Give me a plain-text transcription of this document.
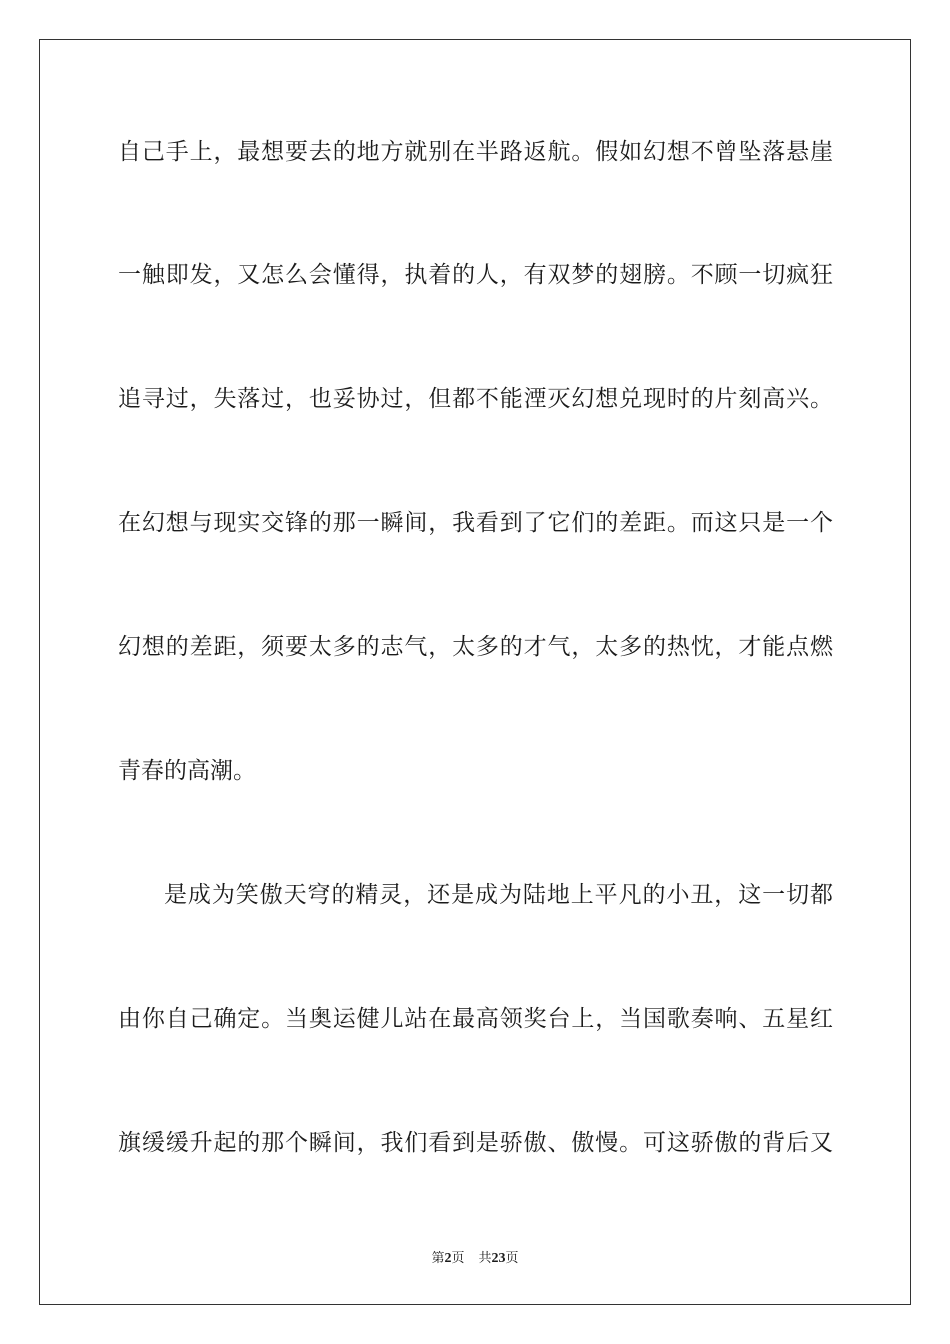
自己手上，最想要去的地方就别在半路返航。假如幻想不曾坠落悬崖
一触即发，又怎么会懂得，执着的人，有双梦的翅膀。不顾一切疯狂
追寻过，失落过，也妥协过，但都不能湮灭幻想兑现时的片刻高兴。
在幻想与现实交锋的那一瞬间，我看到了它们的差距。而这只是一个
幻想的差距，须要太多的志气，太多的才气，太多的热忱，才能点燃
青春的高潮。
是成为笑傲天穹的精灵，还是成为陆地上平凡的小丑，这一切都
由你自己确定。当奥运健儿站在最高领奖台上，当国歌奏响、五星红
旗缓缓升起的那个瞬间，我们看到是骄傲、傲慢。可这骄傲的背后又
第2页 共23页
